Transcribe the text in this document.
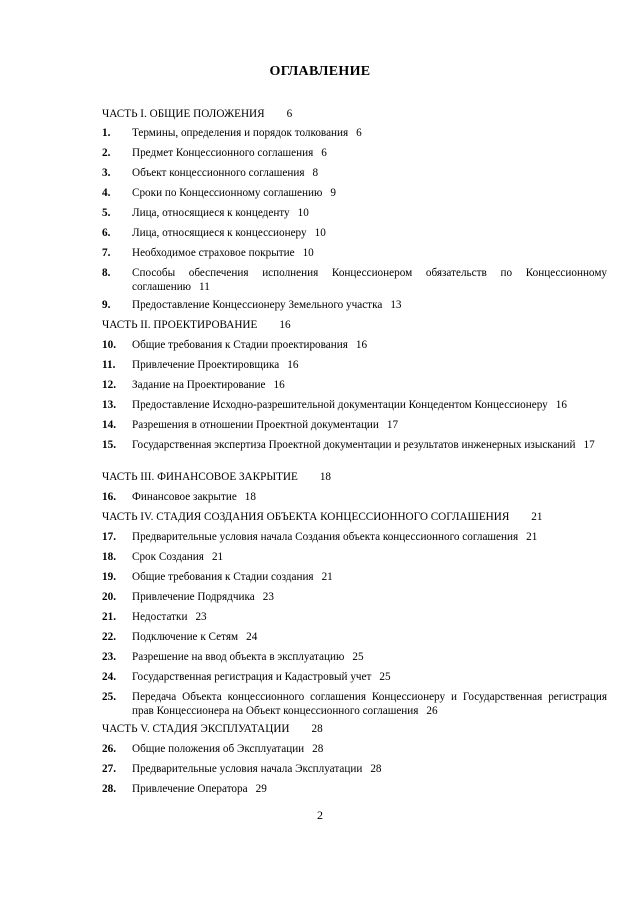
ОГЛАВЛЕНИЕ
ЧАСТЬ I. ОБЩИЕ ПОЛОЖЕНИЯ 6
1.	Термины, определения и порядок толкования 6
2.	Предмет Концессионного соглашения 6
3.	Объект концессионного соглашения 8
4.	Сроки по Концессионному соглашению 9
5.	Лица, относящиеся к концеденту 10
6.	Лица, относящиеся к концессионеру 10
7.	Необходимое страховое покрытие 10
8.	Способы обеспечения исполнения Концессионером обязательств по Концессионному соглашению 11
9.	Предоставление Концессионеру Земельного участка 13
ЧАСТЬ II. ПРОЕКТИРОВАНИЕ 16
10.	Общие требования к Стадии проектирования 16
11.	Привлечение Проектировщика 16
12.	Задание на Проектирование 16
13.	Предоставление Исходно-разрешительной документации Концедентом Концессионеру 16
14.	Разрешения в отношении Проектной документации 17
15.	Государственная экспертиза Проектной документации и результатов инженерных изысканий 17
ЧАСТЬ III. ФИНАНСОВОЕ ЗАКРЫТИЕ 18
16.	Финансовое закрытие 18
ЧАСТЬ IV. СТАДИЯ СОЗДАНИЯ ОБЪЕКТА КОНЦЕССИОННОГО СОГЛАШЕНИЯ 21
17.	Предварительные условия начала Создания объекта концессионного соглашения 21
18.	Срок Создания 21
19.	Общие требования к Стадии создания 21
20.	Привлечение Подрядчика 23
21.	Недостатки 23
22.	Подключение к Сетям 24
23.	Разрешение на ввод объекта в эксплуатацию 25
24.	Государственная регистрация и Кадастровый учет 25
25.	Передача Объекта концессионного соглашения Концессионеру и Государственная регистрация прав Концессионера на Объект концессионного соглашения 26
ЧАСТЬ V. СТАДИЯ ЭКСПЛУАТАЦИИ 28
26.	Общие положения об Эксплуатации 28
27.	Предварительные условия начала Эксплуатации 28
28.	Привлечение Оператора 29
2
